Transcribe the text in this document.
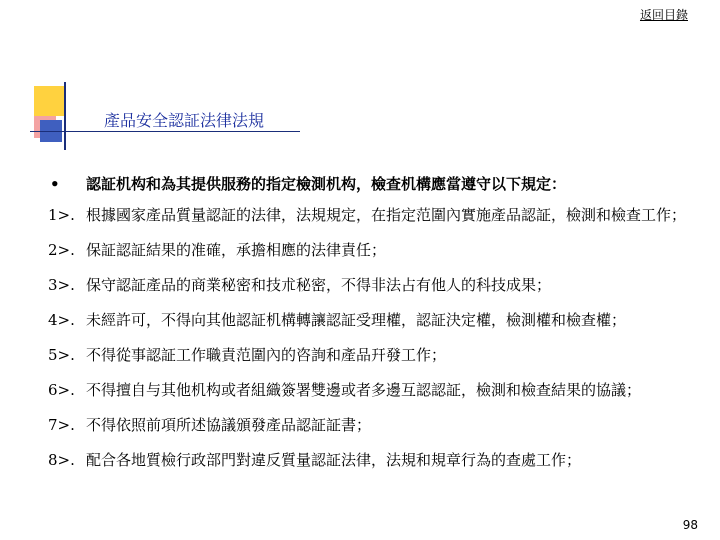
返回目錄
產品安全認証法律法規
• 認証机构和為其提供服務的指定檢測机构，檢查机構應當遵守以下規定：
1>. 根據國家產品質量認証的法律，法規規定，在指定范圍內實施產品認証，檢測和檢查工作；
2>. 保証認証結果的准確，承擔相應的法律責任；
3>. 保守認証產品的商業秘密和技朮秘密，不得非法占有他人的科技成果；
4>. 未經許可，不得向其他認証机構轉讓認証受理權，認証決定權，檢測權和檢查權；
5>. 不得從事認証工作職責范圍內的咨詢和產品幵發工作；
6>. 不得擅自与其他机构或者組織簽署雙邊或者多邊互認認証，檢測和檢查結果的協議；
7>. 不得依照前項所述協議頒發產品認証証書；
8>. 配合各地質檢行政部門對違反質量認証法律，法規和規章行為的查處工作；
98
